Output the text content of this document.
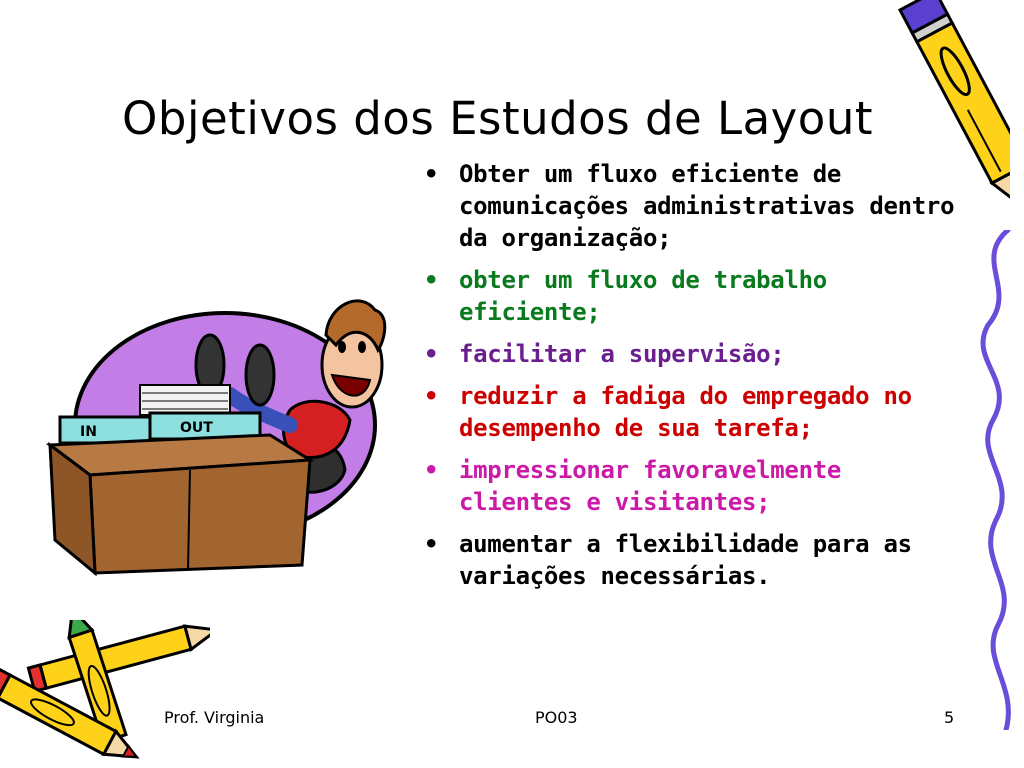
IN	OUT
Objetivos dos Estudos de Layout
• Obter um fluxo eficiente de comunicações administrativas dentro da organização;
• obter um fluxo de trabalho eficiente;
• facilitar a supervisão;
• reduzir a fadiga do empregado no desempenho de sua tarefa;
• impressionar favoravelmente clientes e visitantes;
• aumentar a flexibilidade para as variações necessárias.
Prof. Virginia	PO03	5
